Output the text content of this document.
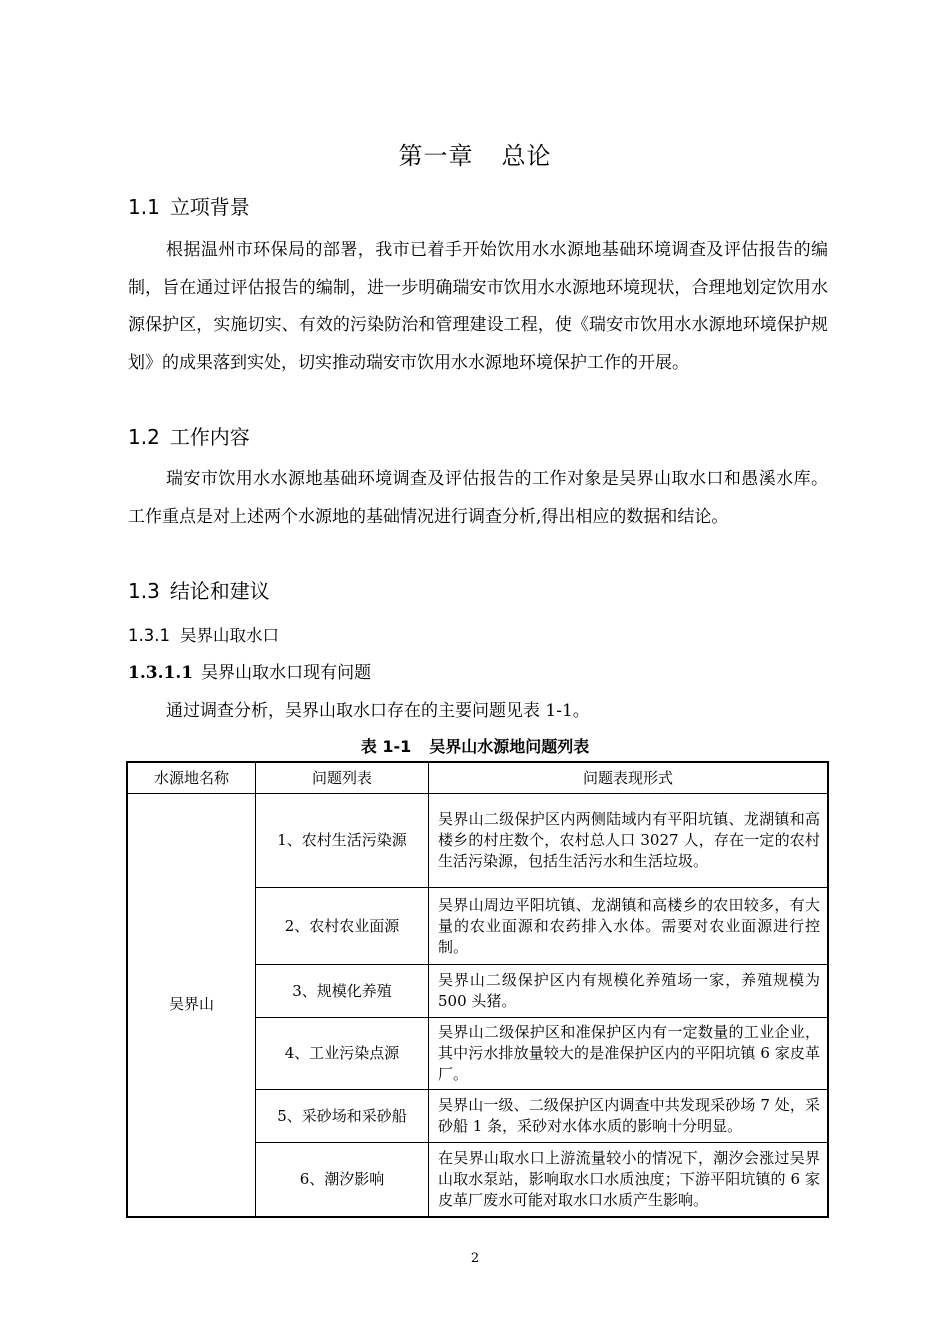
第一章 总论
1.1 立项背景
根据温州市环保局的部署，我市已着手开始饮用水水源地基础环境调查及评估报告的编制，旨在通过评估报告的编制，进一步明确瑞安市饮用水水源地环境现状，合理地划定饮用水源保护区，实施切实、有效的污染防治和管理建设工程，使《瑞安市饮用水水源地环境保护规划》的成果落到实处，切实推动瑞安市饮用水水源地环境保护工作的开展。
1.2 工作内容
瑞安市饮用水水源地基础环境调查及评估报告的工作对象是吴界山取水口和愚溪水库。工作重点是对上述两个水源地的基础情况进行调查分析,得出相应的数据和结论。
1.3 结论和建议
1.3.1 吴界山取水口
1.3.1.1 吴界山取水口现有问题
通过调查分析，吴界山取水口存在的主要问题见表 1-1。
表 1-1 吴界山水源地问题列表
水源地名称	问题列表	问题表现形式
吴界山	1、农村生活污染源	吴界山二级保护区内两侧陆域内有平阳坑镇、龙湖镇和高楼乡的村庄数个，农村总人口 3027 人，存在一定的农村生活污染源，包括生活污水和生活垃圾。
	2、农村农业面源	吴界山周边平阳坑镇、龙湖镇和高楼乡的农田较多，有大量的农业面源和农药排入水体。需要对农业面源进行控制。
	3、规模化养殖	吴界山二级保护区内有规模化养殖场一家，养殖规模为 500 头猪。
	4、工业污染点源	吴界山二级保护区和准保护区内有一定数量的工业企业，其中污水排放量较大的是准保护区内的平阳坑镇 6 家皮革厂。
	5、采砂场和采砂船	吴界山一级、二级保护区内调查中共发现采砂场 7 处，采砂船 1 条，采砂对水体水质的影响十分明显。
	6、潮汐影响	在吴界山取水口上游流量较小的情况下，潮汐会涨过吴界山取水泵站，影响取水口水质浊度；下游平阳坑镇的 6 家皮革厂废水可能对取水口水质产生影响。
2
